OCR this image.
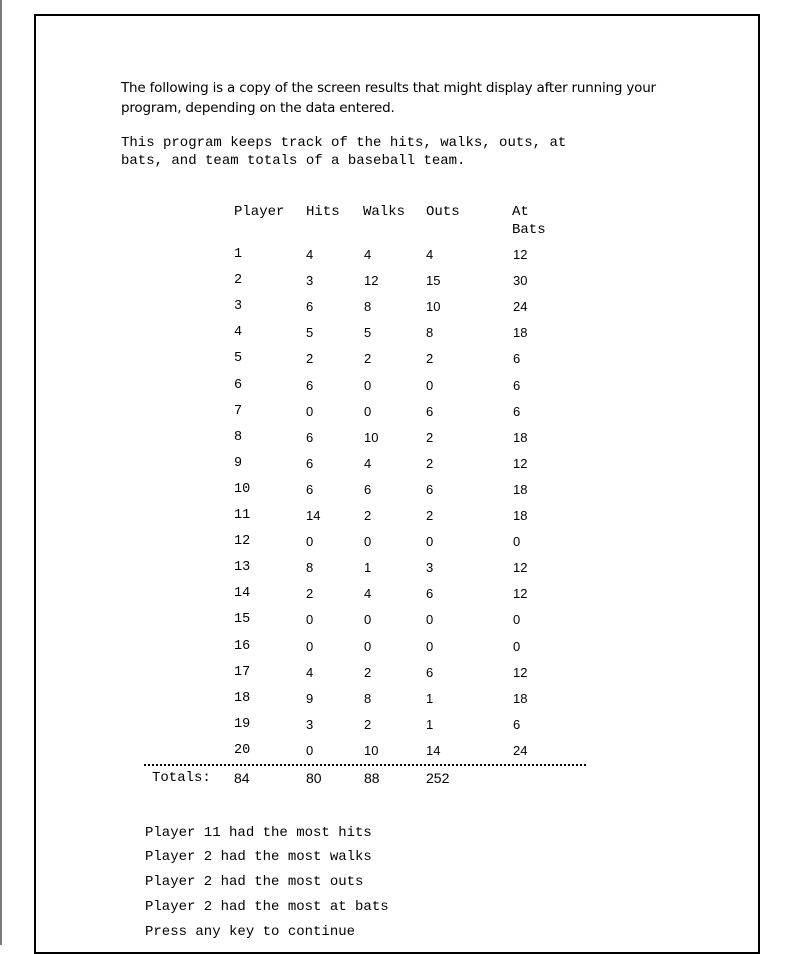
The following is a copy of the screen results that might display after running your program, depending on the data entered.
This program keeps track of the hits, walks, outs, at
bats, and team totals of a baseball team.
Player Hits Walks Outs	At
Bats
1	4	4	4	12
2	3	12	15	30
3	6	8	10	24
4	5	5	8	18
5	2	2	2	6
6	6	0	0	6
7	0	0	6	6
8	6	10	2	18
9	6	4	2	12
10	6	6	6	18
11	14	2	2	18
12	0	0	0	0
13	8	1	3	12
14	2	4	6	12
15	0	0	0	0
16	0	0	0	0
17	4	2	6	12
18	9	8	1	18
19	3	2	1	6
20	0	10	14	24
Totals: 84	80	88	252
Player 11 had the most hits
Player 2 had the most walks
Player 2 had the most outs
Player 2 had the most at bats
Press any key to continue
